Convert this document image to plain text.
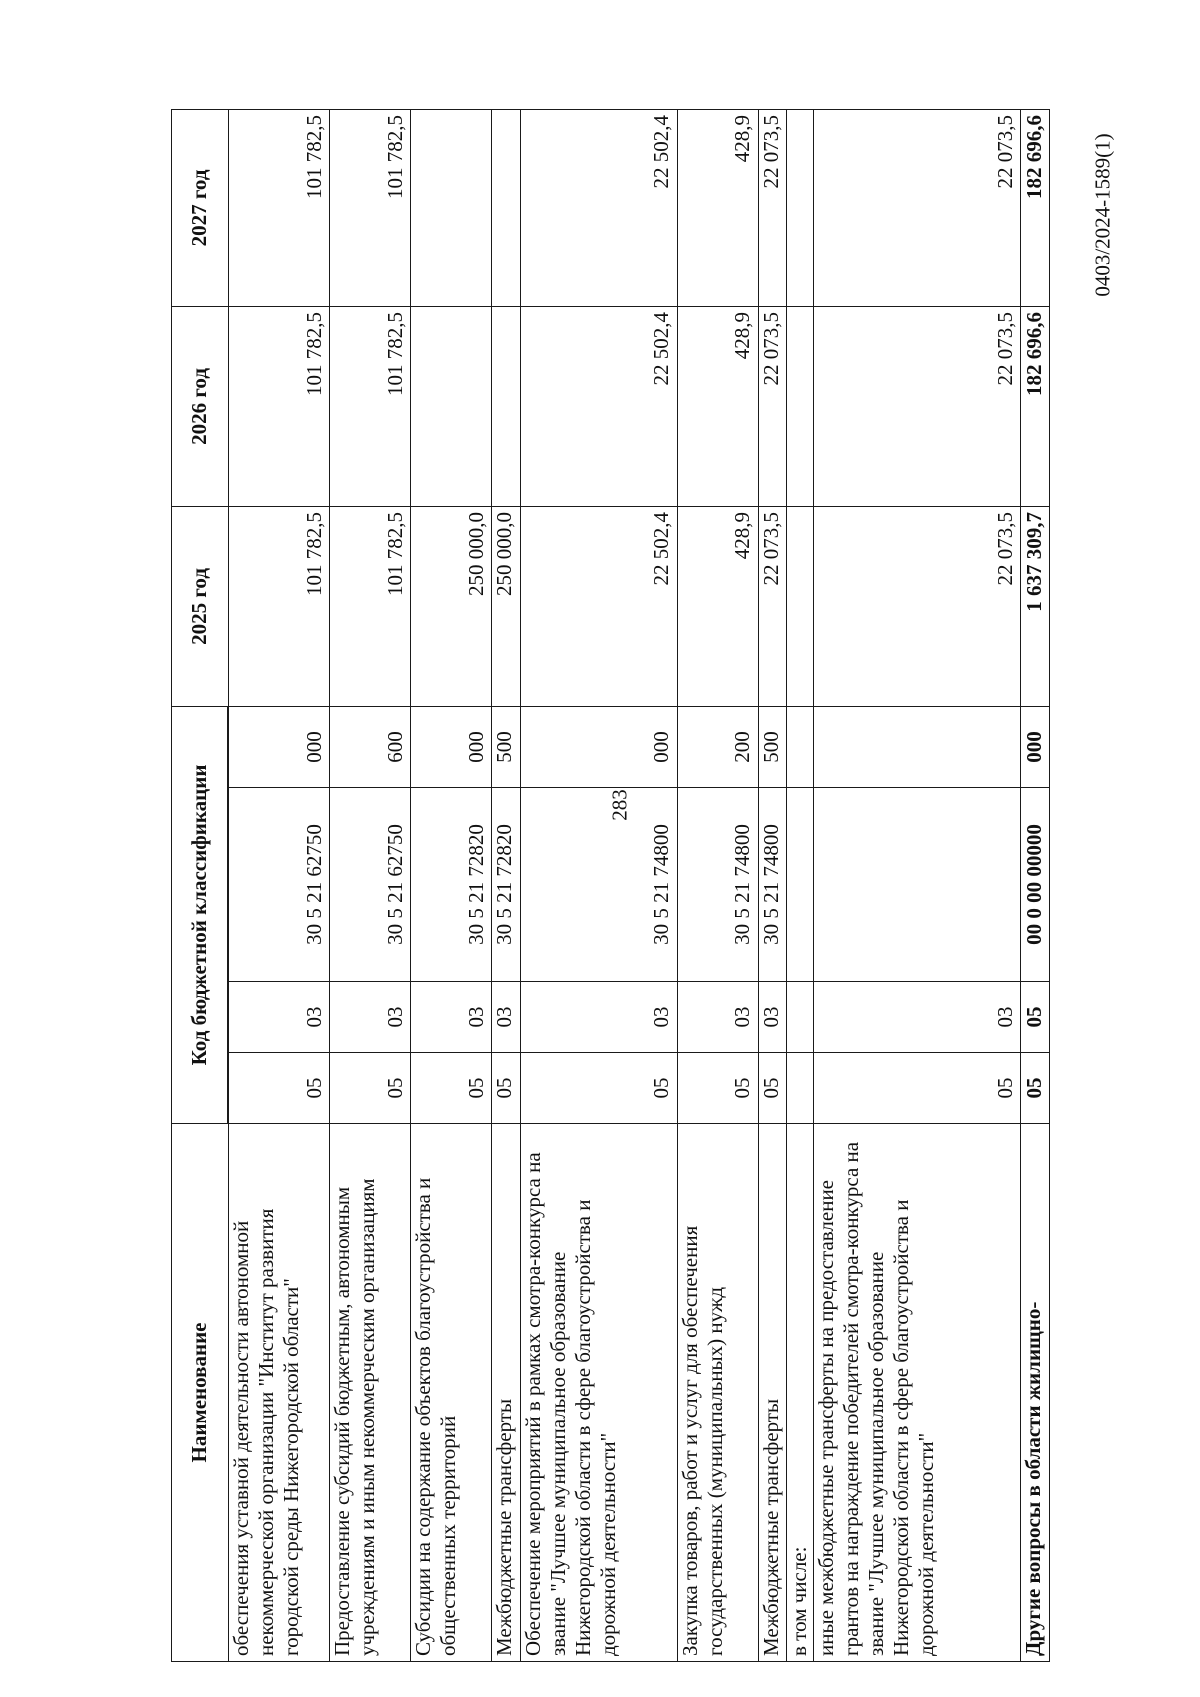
283
0403/2024-1589(1)
Наименование	Код бюджетной классификации				2025 год	2026 год	2027 год

обеспечения уставной деятельности автономной некоммерческой организации "Институт развития городской среды Нижегородской области"	05	03	30 5 21 62750	000	101 782,5	101 782,5	101 782,5
Предоставление субсидий бюджетным, автономным учреждениям и иным некоммерческим организациям	05	03	30 5 21 62750	600	101 782,5	101 782,5	101 782,5
Субсидии на содержание объектов благоустройства и общественных территорий	05	03	30 5 21 72820	000	250 000,0		
Межбюджетные трансферты	05	03	30 5 21 72820	500	250 000,0		
Обеспечение мероприятий в рамках смотра-конкурса на звание "Лучшее муниципальное образование Нижегородской области в сфере благоустройства и дорожной деятельности"	05	03	30 5 21 74800	000	22 502,4	22 502,4	22 502,4
Закупка товаров, работ и услуг для обеспечения государственных (муниципальных) нужд	05	03	30 5 21 74800	200	428,9	428,9	428,9
Межбюджетные трансферты	05	03	30 5 21 74800	500	22 073,5	22 073,5	22 073,5
в том числе:							
иные межбюджетные трансферты на предоставление грантов на награждение победителей смотра-конкурса на звание "Лучшее муниципальное образование Нижегородской области в сфере благоустройства и дорожной деятельности"	05	03			22 073,5	22 073,5	22 073,5
Другие вопросы в области жилищно-	05	05	00 0 00 00000	000	1 637 309,7	182 696,6	182 696,6
